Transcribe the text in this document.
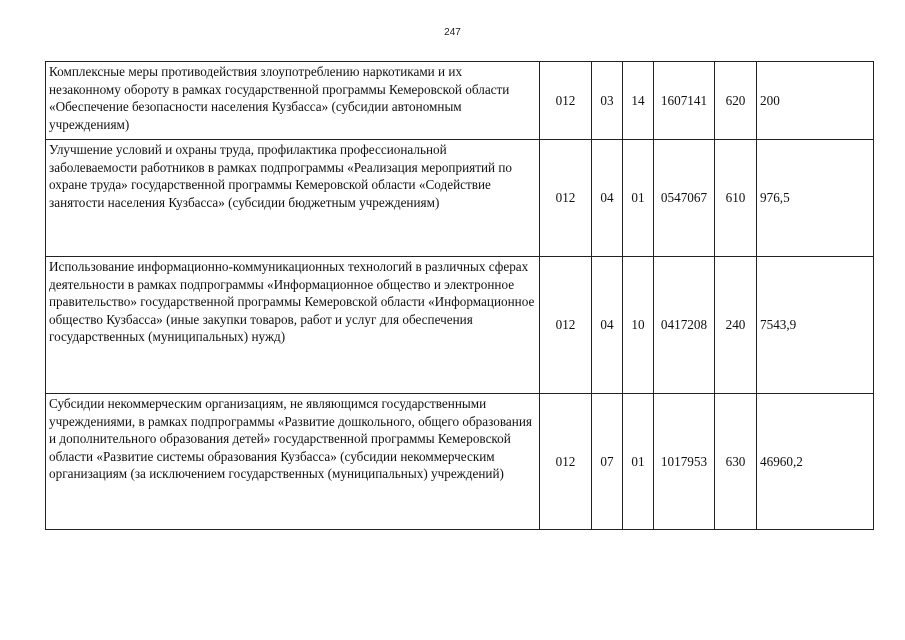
247
Комплексные меры противодействия злоупотреблению наркотиками и их незаконному обороту в рамках государственной программы Кемеровской области «Обеспечение безопасности населения Кузбасса» (субсидии автономным учреждениям)	012	03	14	1607141	620	200
Улучшение условий и охраны труда, профилактика профессиональной заболеваемости работников в рамках подпрограммы «Реализация мероприятий по охране труда» государственной программы Кемеровской области «Содействие занятости населения Кузбасса» (субсидии бюджетным учреждениям)	012	04	01	0547067	610	976,5
Использование информационно-коммуникационных технологий в различных сферах деятельности в рамках подпрограммы «Информационное общество и электронное правительство» государственной программы Кемеровской области «Информационное общество Кузбасса» (иные закупки товаров, работ и услуг для обеспечения государственных (муниципальных) нужд)	012	04	10	0417208	240	7543,9
Субсидии некоммерческим организациям, не являющимся государственными учреждениями, в рамках подпрограммы «Развитие дошкольного, общего образования и дополнительного образования детей» государственной программы Кемеровской области «Развитие системы образования Кузбасса» (субсидии некоммерческим организациям (за исключением государственных (муниципальных) учреждений)	012	07	01	1017953	630	46960,2
